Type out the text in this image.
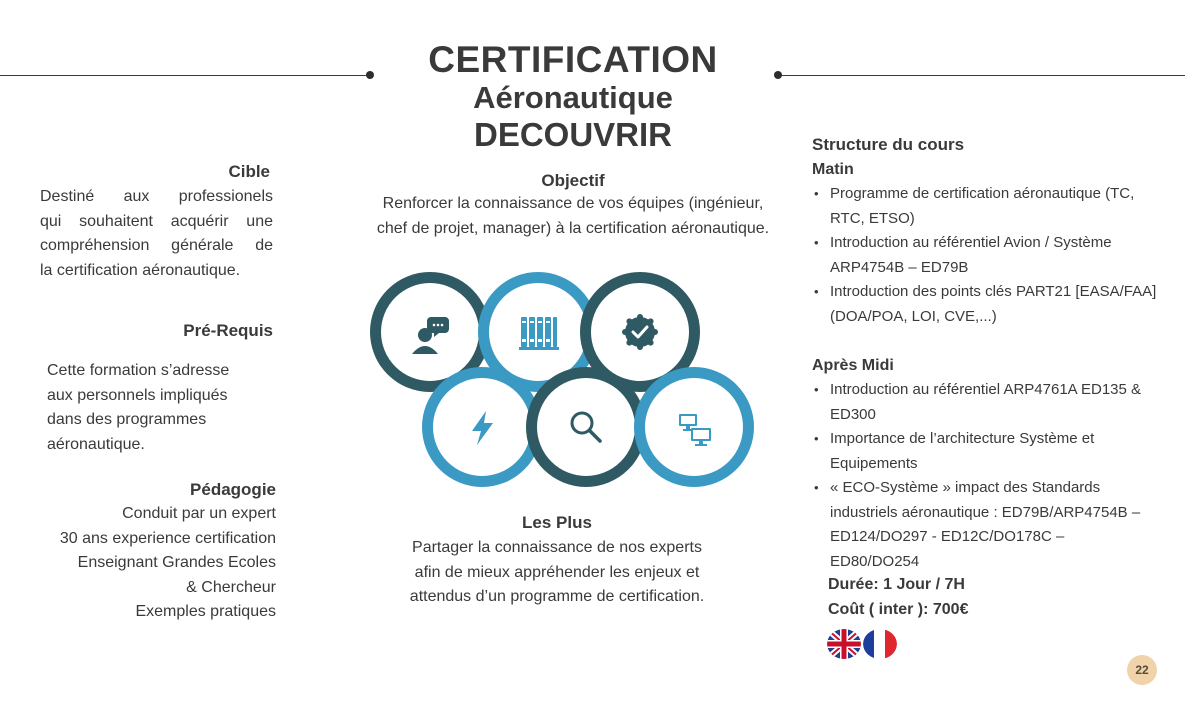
CERTIFICATION
Aéronautique
DECOUVRIR
Cible
Destiné aux professionels
qui souhaitent acquérir une
compréhension générale de
la certification aéronautique.
Pré-Requis
Cette formation s’adresse
aux personnels impliqués
dans des programmes
aéronautique.
Pédagogie
Conduit par un expert
30 ans experience certification
Enseignant Grandes Ecoles
& Chercheur
Exemples pratiques
Objectif
Renforcer la connaissance de vos équipes (ingénieur,
chef de projet, manager) à la certification aéronautique.
Les Plus
Partager la connaissance de nos experts
afin de mieux appréhender les enjeux et
attendus d’un programme de certification.
Structure du cours
Matin
• Programme de certification aéronautique (TC, RTC, ETSO)
• Introduction au référentiel Avion / Système ARP4754B – ED79B
• Introduction des points clés PART21 [EASA/FAA] (DOA/POA, LOI, CVE,...)
Après Midi
• Introduction au référentiel ARP4761A ED135 & ED300
• Importance de l’architecture Système et Equipements
• « ECO-Système » impact des Standards industriels aéronautique : ED79B/ARP4754B – ED124/DO297 - ED12C/DO178C – ED80/DO254
Durée: 1 Jour / 7H
Coût ( inter ): 700€
22
